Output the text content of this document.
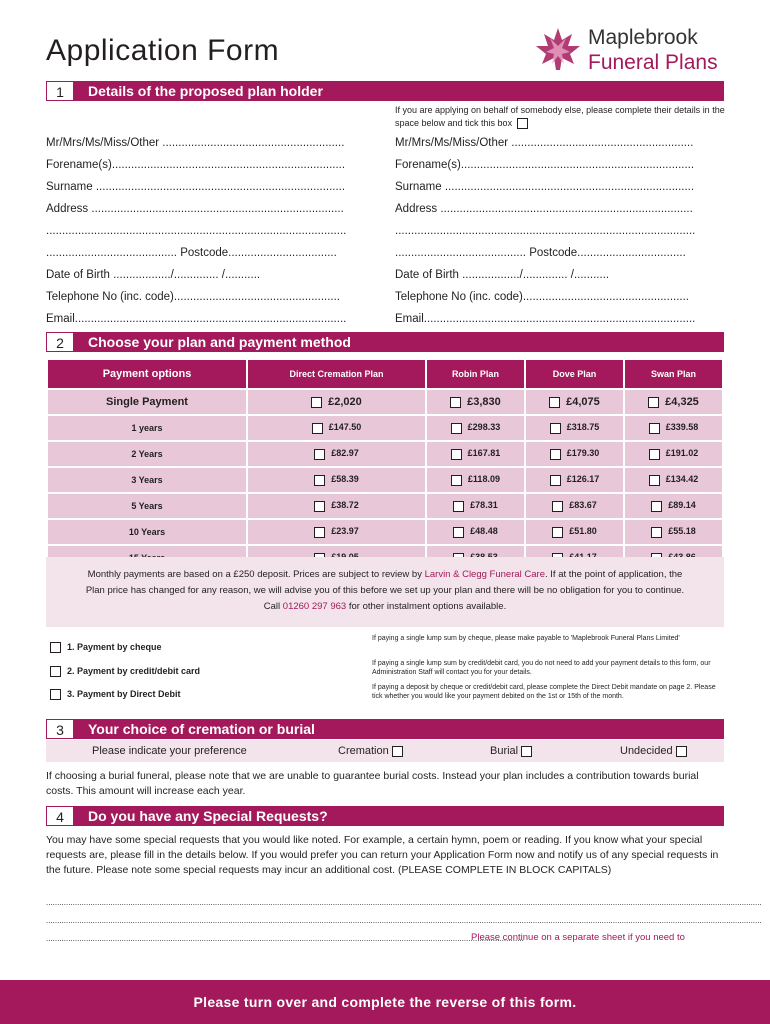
Application Form	Maplebrook
Funeral Plans
1	Details of the proposed plan holder
If you are applying on behalf of somebody else, please complete their details in the space below and tick this box
Mr/Mrs/Ms/Miss/Other .........................................................
Forename(s).........................................................................
Surname ..............................................................................
Address ...............................................................................
..............................................................................................
......................................... Postcode..................................
Date of Birth ................../.............. /...........
Telephone No (inc. code)....................................................
Email.....................................................................................
Mr/Mrs/Ms/Miss/Other .........................................................
Forename(s).........................................................................
Surname ..............................................................................
Address ...............................................................................
..............................................................................................
......................................... Postcode..................................
Date of Birth ................../.............. /...........
Telephone No (inc. code)....................................................
Email.....................................................................................
2	Choose your plan and payment method
Payment options	Direct Cremation Plan	Robin Plan	Dove Plan	Swan Plan
Single Payment	£2,020	£3,830	£4,075	£4,325
1 years	£147.50	£298.33	£318.75	£339.58
2 Years	£82.97	£167.81	£179.30	£191.02
3 Years	£58.39	£118.09	£126.17	£134.42
5 Years	£38.72	£78.31	£83.67	£89.14
10 Years	£23.97	£48.48	£51.80	£55.18

Monthly payments are based on a £250 deposit. Prices are subject to review by Larvin & Clegg Funeral Care. If at the point of application, the
Plan price has changed for any reason, we will advise you of this before we set up your plan and there will be no obligation for you to continue.
Call 01260 297 963 for other instalment options available.
1. Payment by cheque
If paying a single lump sum by cheque, please make payable to 'Maplebrook Funeral Plans Limited'
2. Payment by credit/debit card
If paying a single lump sum by credit/debit card, you do not need to add your payment details to this form, our Administration Staff will contact you for your details.
3. Payment by Direct Debit
If paying a deposit by cheque or credit/debit card, please complete the Direct Debit mandate on page 2. Please tick whether you would like your payment debited on the 1st or 15th of the month.
3	Your choice of cremation or burial
Please indicate your preference	Cremation	Burial	Undecided

If choosing a burial funeral, please note that we are unable to guarantee burial costs. Instead your plan includes a contribution towards burial costs. This amount will increase each year.

4	Do you have any Special Requests?

You may have some special requests that you would like noted. For example, a certain hymn, poem or reading. If you know what your special requests are, please fill in the details below. If you would prefer you can return your Application Form now and notify us of any special requests in the future. Please note some special requests may incur an additional cost. (PLEASE COMPLETE IN BLOCK CAPITALS)

..................................................................................................................................................................................................................................................................................................................................
..................................................................................................................................................................................................................................................................................................................................
.......................................................................................................................................................................................................................
Please continue on a separate sheet if you need to
Please turn over and complete the reverse of this form.
